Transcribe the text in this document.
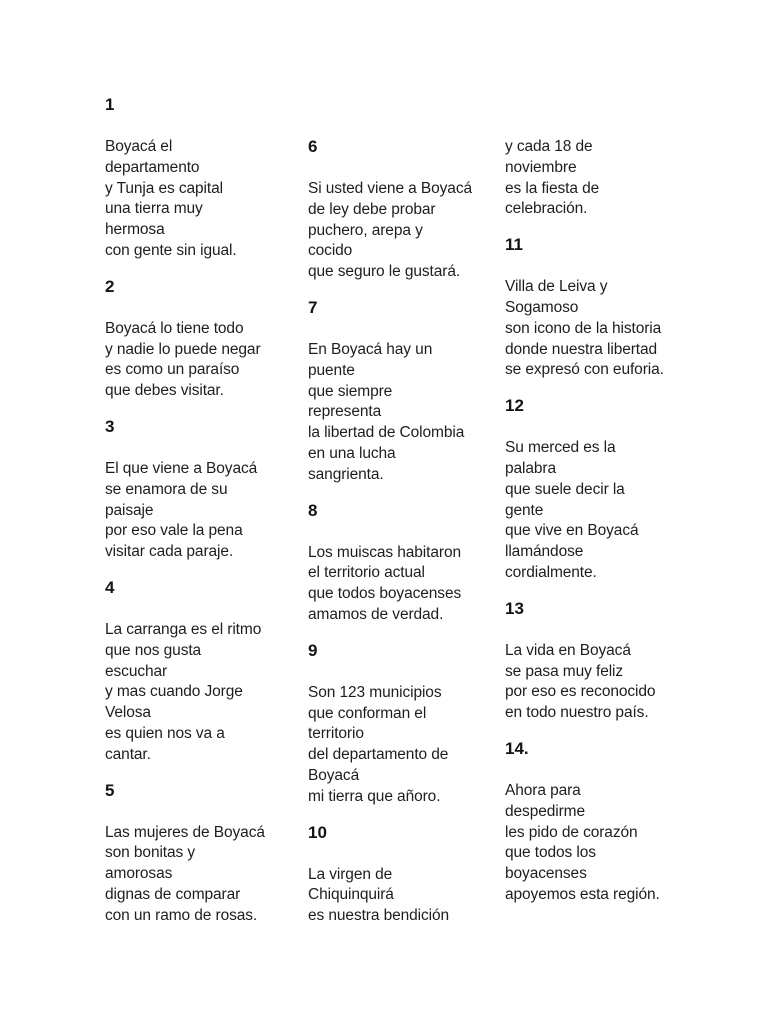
1
Boyacá el
departamento
y Tunja es capital
una tierra muy
hermosa
con gente sin igual.
2
Boyacá lo tiene todo
y nadie lo puede negar
es como un paraíso
que debes visitar.
3
El que viene a Boyacá
se enamora de su
paisaje
por eso vale la pena
visitar cada paraje.
4
La carranga es el ritmo
que nos gusta
escuchar
y mas cuando Jorge
Velosa
es quien nos va a
cantar.
5
Las mujeres de Boyacá
son bonitas y
amorosas
dignas de comparar
con un ramo de rosas.
6
Si usted viene a Boyacá
de ley debe probar
puchero, arepa y
cocido
que seguro le gustará.
7
En Boyacá hay un
puente
que siempre
representa
la libertad de Colombia
en una lucha
sangrienta.
8
Los muiscas habitaron
el territorio actual
que todos boyacenses
amamos de verdad.
9
Son 123 municipios
que conforman el
territorio
del departamento de
Boyacá
mi tierra que añoro.
10
La virgen de
Chiquinquirá
es nuestra bendición
y cada 18 de
noviembre
es la fiesta de
celebración.
11
Villa de Leiva y
Sogamoso
son icono de la historia
donde nuestra libertad
se expresó con euforia.
12
Su merced es la
palabra
que suele decir la
gente
que vive en Boyacá
llamándose
cordialmente.
13
La vida en Boyacá
se pasa muy feliz
por eso es reconocido
en todo nuestro país.
14.
Ahora para
despedirme
les pido de corazón
que todos los
boyacenses
apoyemos esta región.
